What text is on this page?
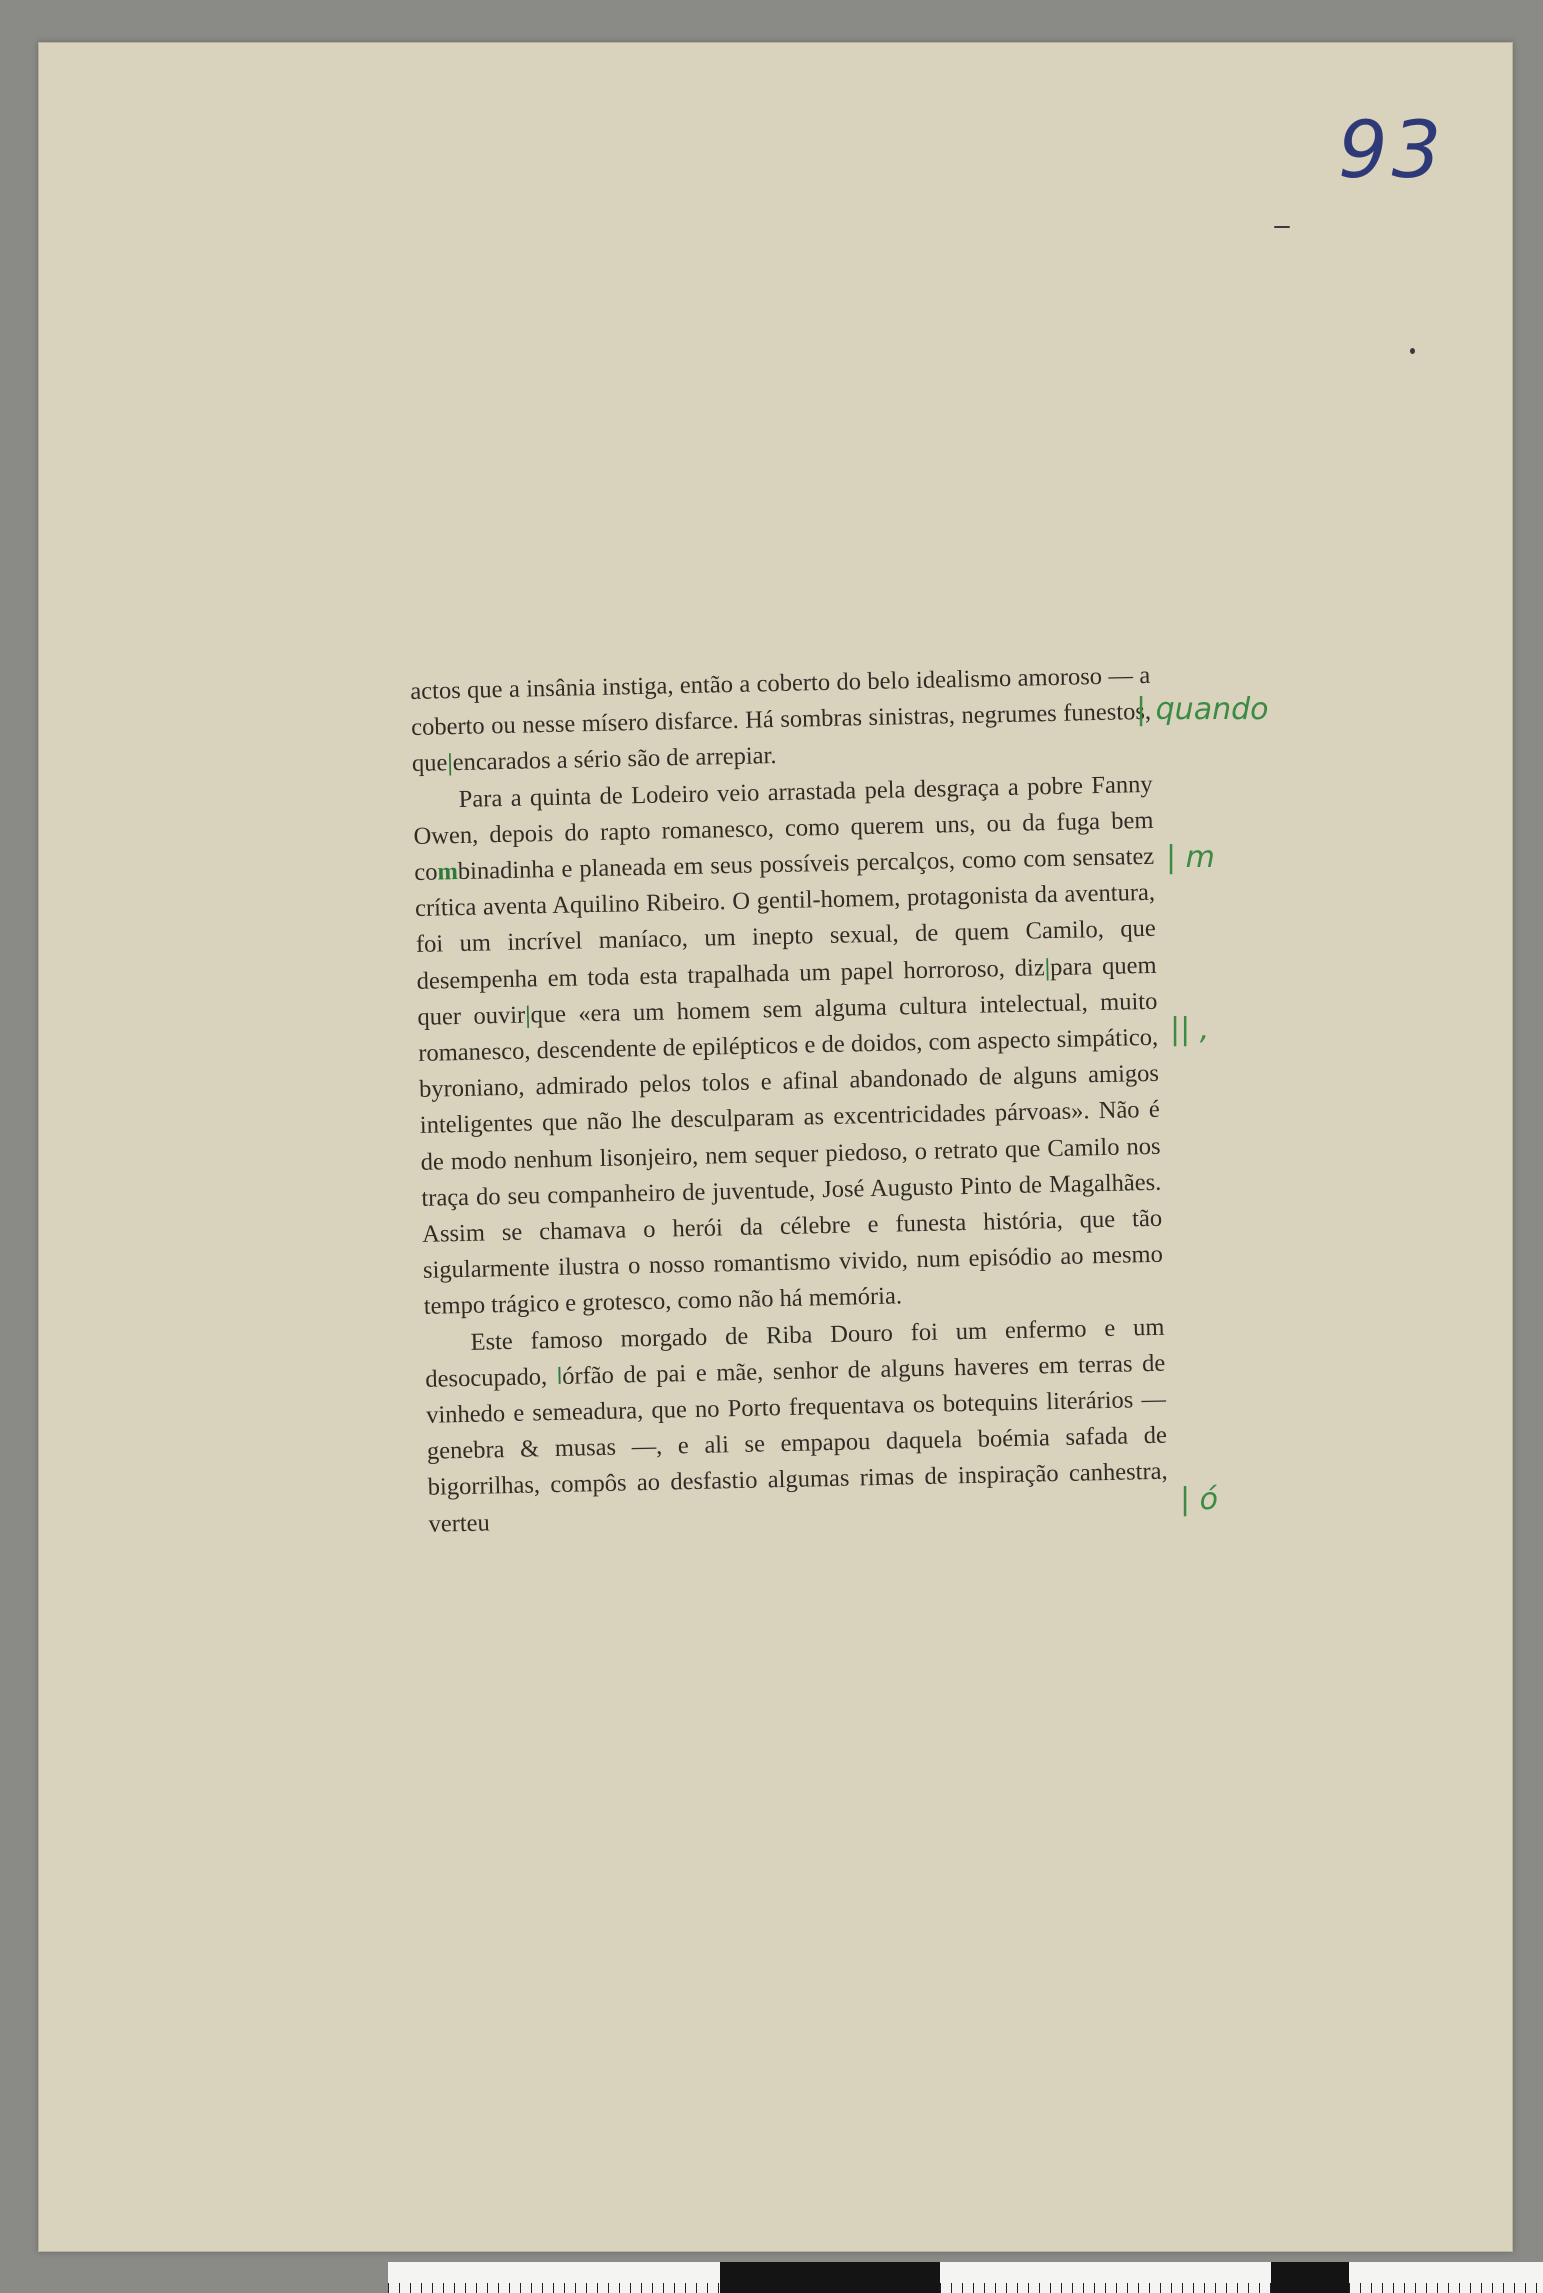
93

actos que a insânia instiga, então a coberto do belo idealismo amoroso — a coberto ou nesse mísero disfarce. Há sombras sinistras, negrumes funestos, que|encarados a sério são de arrepiar.

Para a quinta de Lodeiro veio arrastada pela desgraça a pobre Fanny Owen, depois do rapto romanesco, como querem uns, ou da fuga bem combinadinha e planeada em seus possíveis percalços, como com sensatez crítica aventa Aquilino Ribeiro. O gentil-homem, protagonista da aventura, foi um incrível maníaco, um inepto sexual, de quem Camilo, que desempenha em toda esta trapalhada um papel horroroso, diz|para quem quer ouvir|que «era um homem sem alguma cultura intelectual, muito romanesco, descendente de epilépticos e de doidos, com aspecto simpático, byroniano, admirado pelos tolos e afinal abandonado de alguns amigos inteligentes que não lhe desculparam as excentricidades párvoas». Não é de modo nenhum lisonjeiro, nem sequer piedoso, o retrato que Camilo nos traça do seu companheiro de juventude, José Augusto Pinto de Magalhães. Assim se chamava o herói da célebre e funesta história, que tão sigularmente ilustra o nosso romantismo vivido, num episódio ao mesmo tempo trágico e grotesco, como não há memória.

Este famoso morgado de Riba Douro foi um enfermo e um desocupado, ǀórfão de pai e mãe, senhor de alguns haveres em terras de vinhedo e semeadura, que no Porto frequentava os botequins literários — genebra & musas —, e ali se empapou daquela boémia safada de bigorrilhas, compôs ao desfastio algumas rimas de inspiração canhestra, verteu

| quando
| m
|| ,
| ó
